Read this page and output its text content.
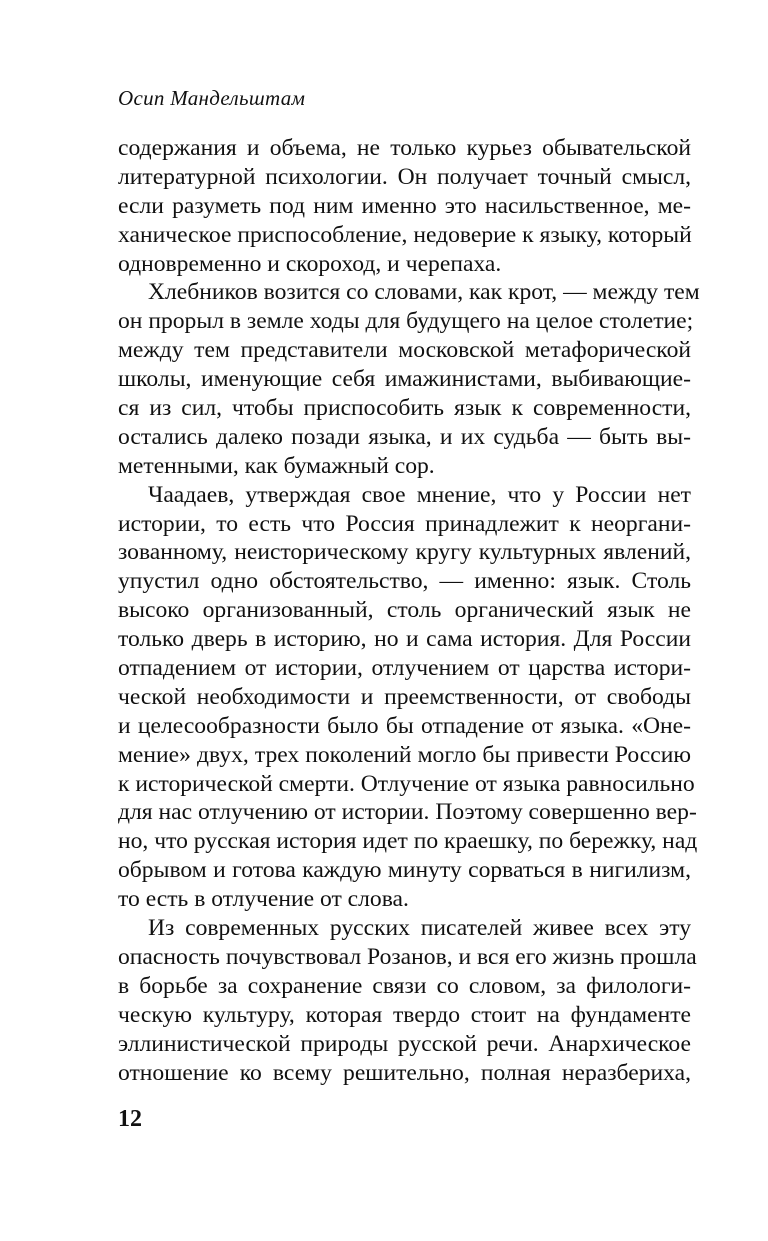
Осип Мандельштам
содержания и объема, не только курьез обывательской
литературной психологии. Он получает точный смысл,
если разуметь под ним именно это насильственное, ме-
ханическое приспособление, недоверие к языку, который
одновременно и скороход, и черепаха.
Хлебников возится со словами, как крот, — между тем
он прорыл в земле ходы для будущего на целое столетие;
между тем представители московской метафорической
школы, именующие себя имажинистами, выбивающие-
ся из сил, чтобы приспособить язык к современности,
остались далеко позади языка, и их судьба — быть вы-
метенными, как бумажный сор.
Чаадаев, утверждая свое мнение, что у России нет
истории, то есть что Россия принадлежит к неоргани-
зованному, неисторическому кругу культурных явлений,
упустил одно обстоятельство, — именно: язык. Столь
высоко организованный, столь органический язык не
только дверь в историю, но и сама история. Для России
отпадением от истории, отлучением от царства истори-
ческой необходимости и преемственности, от свободы
и целесообразности было бы отпадение от языка. «Оне-
мение» двух, трех поколений могло бы привести Россию
к исторической смерти. Отлучение от языка равносильно
для нас отлучению от истории. Поэтому совершенно вер-
но, что русская история идет по краешку, по бережку, над
обрывом и готова каждую минуту сорваться в нигилизм,
то есть в отлучение от слова.
Из современных русских писателей живее всех эту
опасность почувствовал Розанов, и вся его жизнь прошла
в борьбе за сохранение связи со словом, за филологи-
ческую культуру, которая твердо стоит на фундаменте
эллинистической природы русской речи. Анархическое
отношение ко всему решительно, полная неразбериха,
12
